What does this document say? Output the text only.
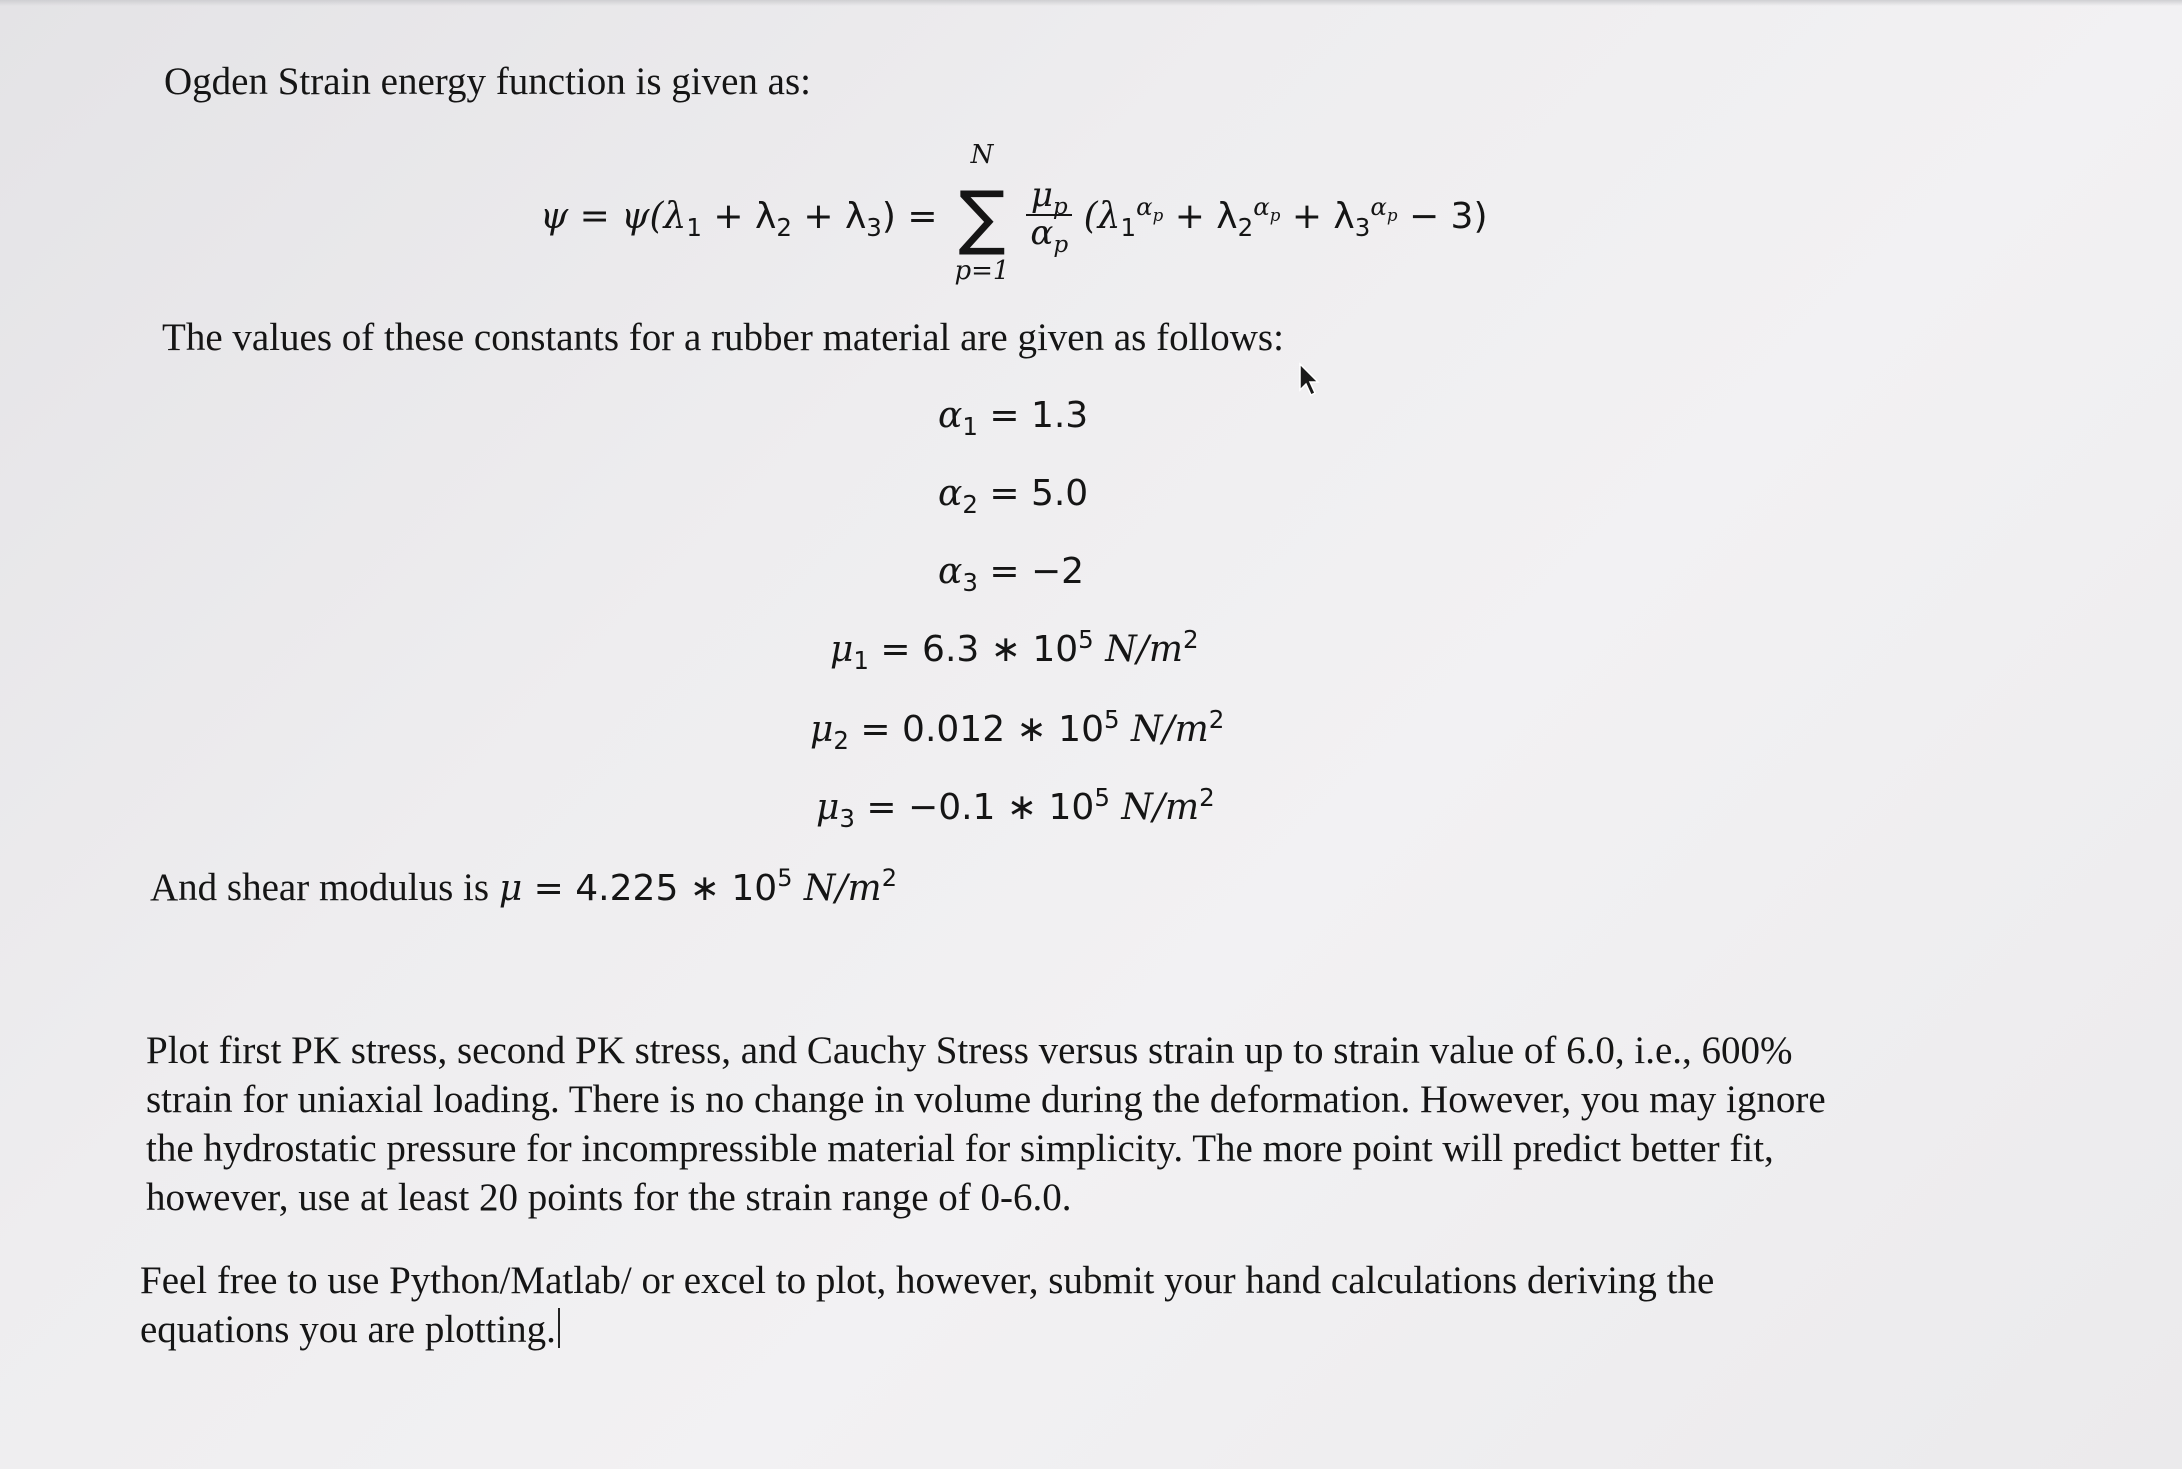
Ogden Strain energy function is given as:
$\psi = \psi(\lambda_1 + \lambda_2 + \lambda_3)$ =
N
∑
p=1

$\frac{\mu_p}{\alpha_p} (\lambda_1^{\alpha_p} + \lambda_2^{\alpha_p} + \lambda_3^{\alpha_p} - 3)$
The values of these constants for a rubber material are given as follows:
$\alpha_1 = 1.3$
$\alpha_2 = 5.0$
$\alpha_3 = -2$
$\mu_1 = 6.3$ ∗ $10^5$ $N/m^2$
$\mu_2 = 0.012$ ∗ $10^5$ $N/m^2$
$\mu_3 = -0.1$ ∗ $10^5$ $N/m^2$
And shear modulus is μ = 4.225 ∗ $10^5$ $N/m^2$

Plot first PK stress, second PK stress, and Cauchy Stress versus strain up to strain value of 6.0, i.e., 600% strain for uniaxial loading. There is no change in volume during the deformation. However, you may ignore the hydrostatic pressure for incompressible material for simplicity. The more point will predict better fit, however, use at least 20 points for the strain range of 0-6.0.

Feel free to use Python/Matlab/ or excel to plot, however, submit your hand calculations deriving the equations you are plotting.
